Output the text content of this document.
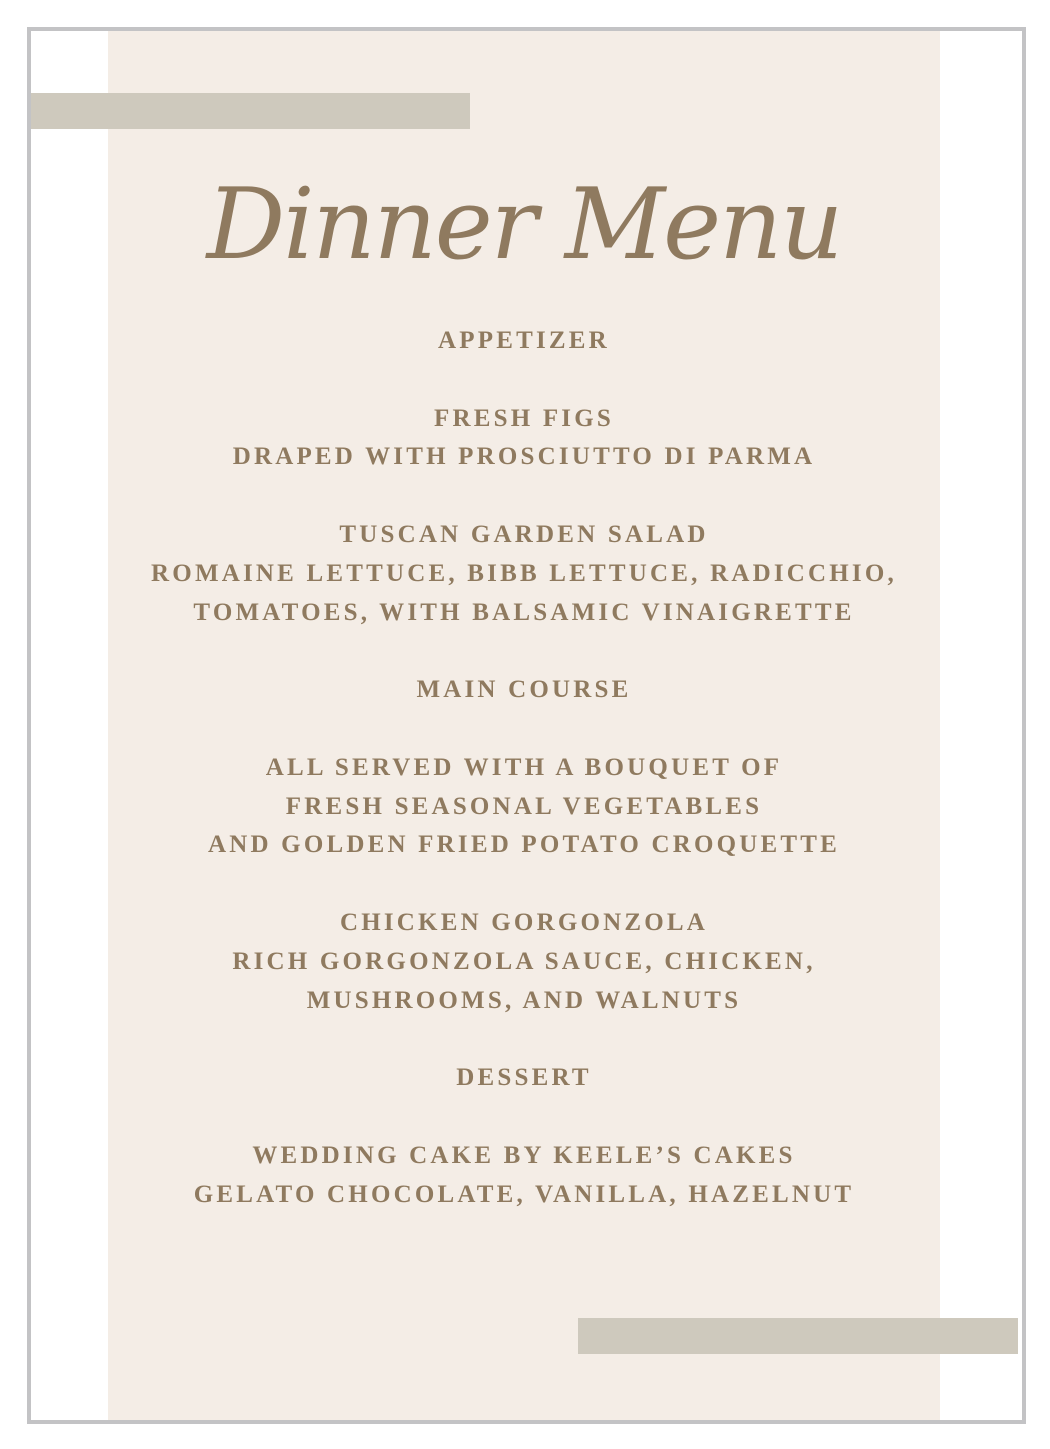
Dinner Menu
APPETIZER
FRESH FIGS
DRAPED WITH PROSCIUTTO DI PARMA
TUSCAN GARDEN SALAD
ROMAINE LETTUCE, BIBB LETTUCE, RADICCHIO,
TOMATOES, WITH BALSAMIC VINAIGRETTE
MAIN COURSE
ALL SERVED WITH A BOUQUET OF
FRESH SEASONAL VEGETABLES
AND GOLDEN FRIED POTATO CROQUETTE
CHICKEN GORGONZOLA
RICH GORGONZOLA SAUCE, CHICKEN,
MUSHROOMS, AND WALNUTS
DESSERT
WEDDING CAKE BY KEELE’S CAKES
GELATO CHOCOLATE, VANILLA, HAZELNUT
